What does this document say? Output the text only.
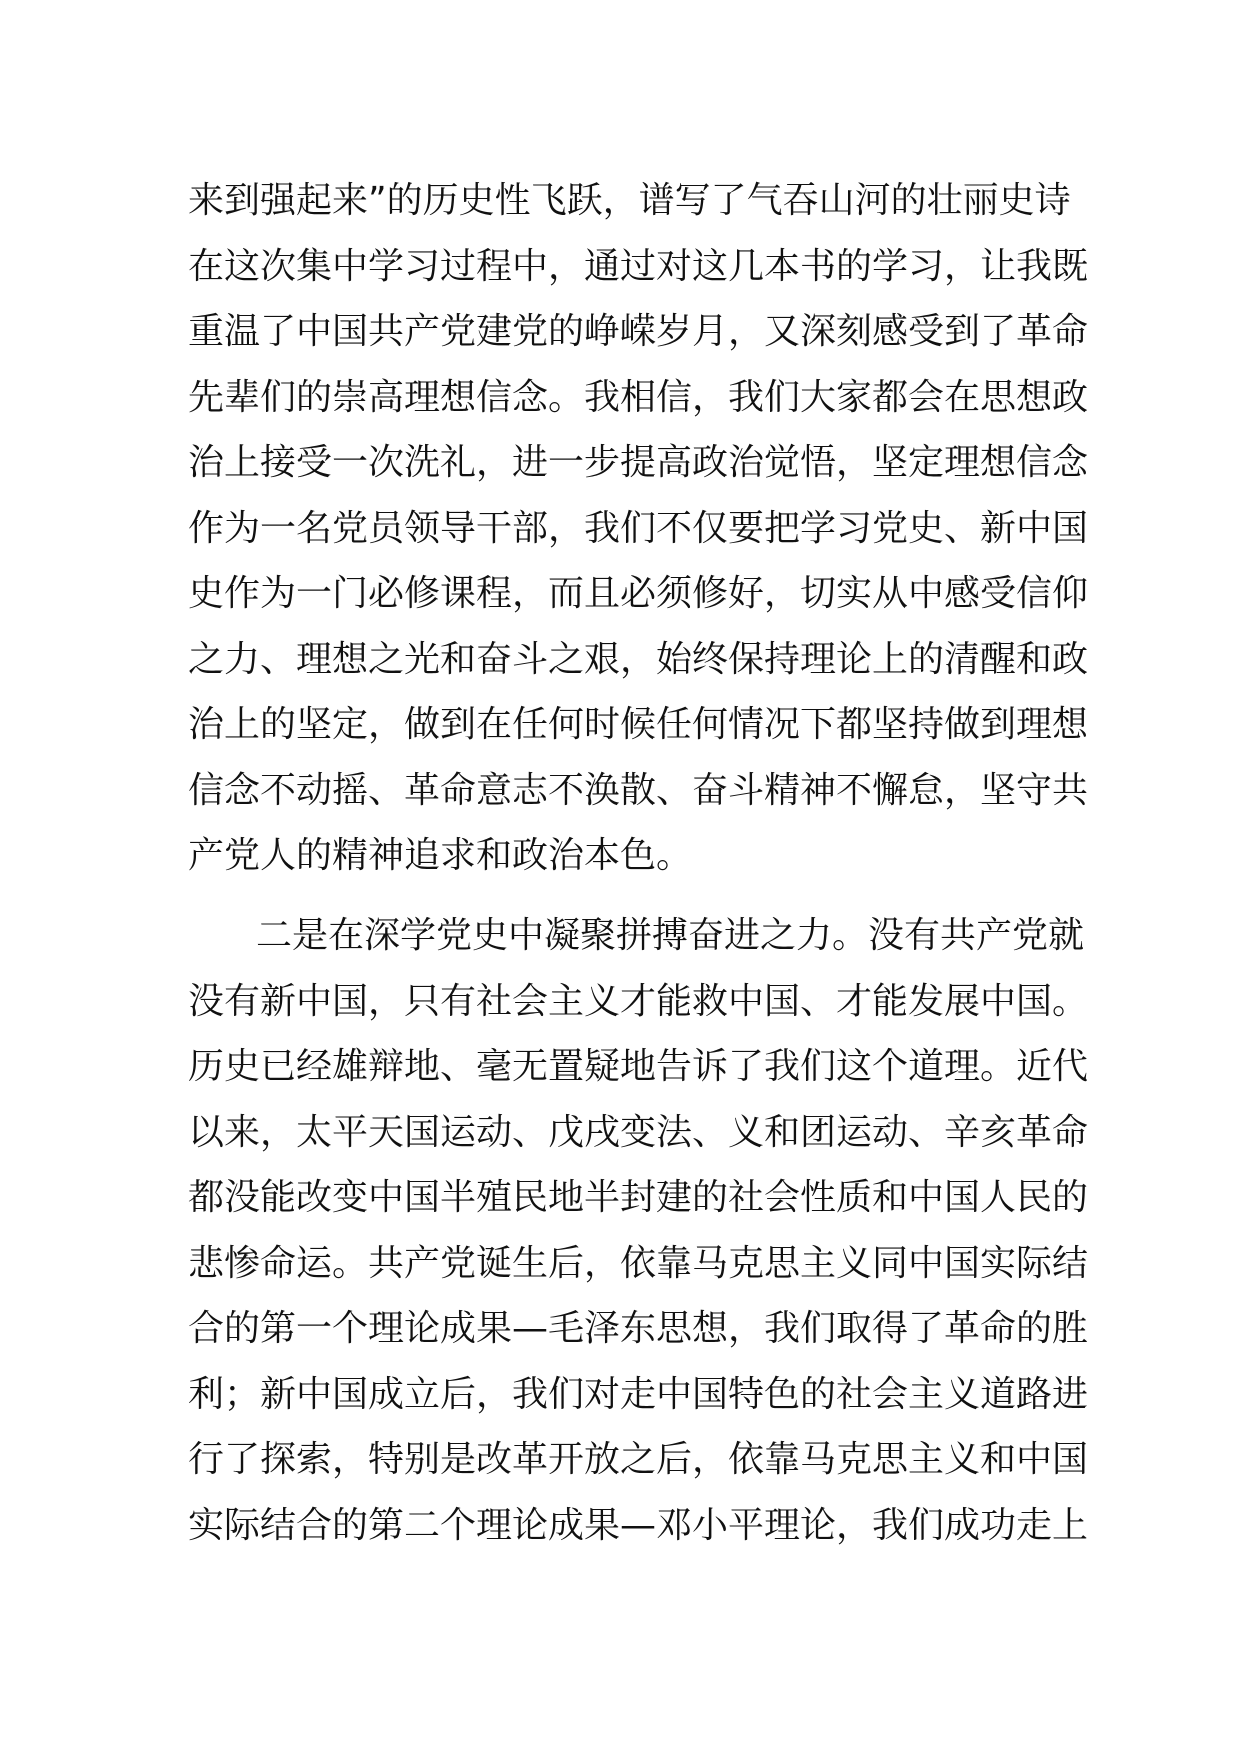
来到强起来”的历史性飞跃，谱写了气吞山河的壮丽史诗
在这次集中学习过程中，通过对这几本书的学习，让我既
重温了中国共产党建党的峥嵘岁月，又深刻感受到了革命
先辈们的崇高理想信念。我相信，我们大家都会在思想政
治上接受一次洗礼，进一步提高政治觉悟，坚定理想信念
作为一名党员领导干部，我们不仅要把学习党史、新中国
史作为一门必修课程，而且必须修好，切实从中感受信仰
之力、理想之光和奋斗之艰，始终保持理论上的清醒和政
治上的坚定，做到在任何时候任何情况下都坚持做到理想
信念不动摇、革命意志不涣散、奋斗精神不懈怠，坚守共
产党人的精神追求和政治本色。
二是在深学党史中凝聚拼搏奋进之力。没有共产党就
没有新中国，只有社会主义才能救中国、才能发展中国。
历史已经雄辩地、毫无置疑地告诉了我们这个道理。近代
以来，太平天国运动、戊戌变法、义和团运动、辛亥革命
都没能改变中国半殖民地半封建的社会性质和中国人民的
悲惨命运。共产党诞生后，依靠马克思主义同中国实际结
合的第一个理论成果—毛泽东思想，我们取得了革命的胜
利；新中国成立后，我们对走中国特色的社会主义道路进
行了探索，特别是改革开放之后，依靠马克思主义和中国
实际结合的第二个理论成果—邓小平理论，我们成功走上
